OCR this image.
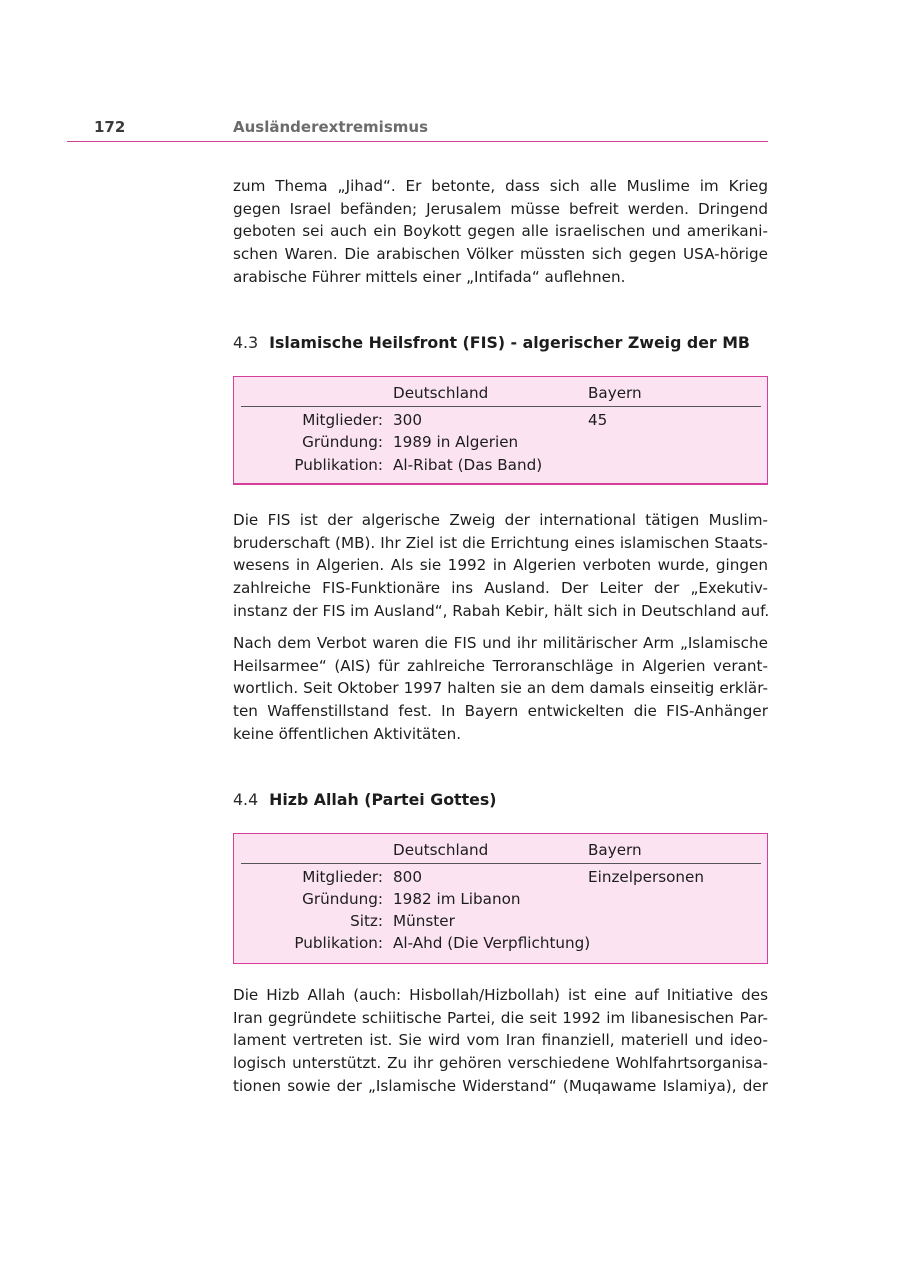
172	Ausländerextremismus

zum Thema „Jihad“. Er betonte, dass sich alle Muslime im Krieg
gegen Israel befänden; Jerusalem müsse befreit werden. Dringend
geboten sei auch ein Boykott gegen alle israelischen und amerikani-
schen Waren. Die arabischen Völker müssten sich gegen USA-hörige
arabische Führer mittels einer „Intifada“ auflehnen.

4.3 Islamische Heilsfront (FIS) - algerischer Zweig der MB
Deutschland	Bayern
Mitglieder: 300	45
Gründung: 1989 in Algerien
Publikation: Al-Ribat (Das Band)

Die FIS ist der algerische Zweig der international tätigen Muslim-
bruderschaft (MB). Ihr Ziel ist die Errichtung eines islamischen Staats-
wesens in Algerien. Als sie 1992 in Algerien verboten wurde, gingen
zahlreiche FIS-Funktionäre ins Ausland. Der Leiter der „Exekutiv-
instanz der FIS im Ausland“, Rabah Kebir, hält sich in Deutschland auf.

Nach dem Verbot waren die FIS und ihr militärischer Arm „Islamische
Heilsarmee“ (AIS) für zahlreiche Terroranschläge in Algerien verant-
wortlich. Seit Oktober 1997 halten sie an dem damals einseitig erklär-
ten Waffenstillstand fest. In Bayern entwickelten die FIS-Anhänger
keine öffentlichen Aktivitäten.

4.4 Hizb Allah (Partei Gottes)
Deutschland	Bayern
Mitglieder: 800	Einzelpersonen
Gründung: 1982 im Libanon
Sitz: Münster
Publikation: Al-Ahd (Die Verpflichtung)

Die Hizb Allah (auch: Hisbollah/Hizbollah) ist eine auf Initiative des
Iran gegründete schiitische Partei, die seit 1992 im libanesischen Par-
lament vertreten ist. Sie wird vom Iran finanziell, materiell und ideo-
logisch unterstützt. Zu ihr gehören verschiedene Wohlfahrtsorganisa-
tionen sowie der „Islamische Widerstand“ (Muqawame Islamiya), der
